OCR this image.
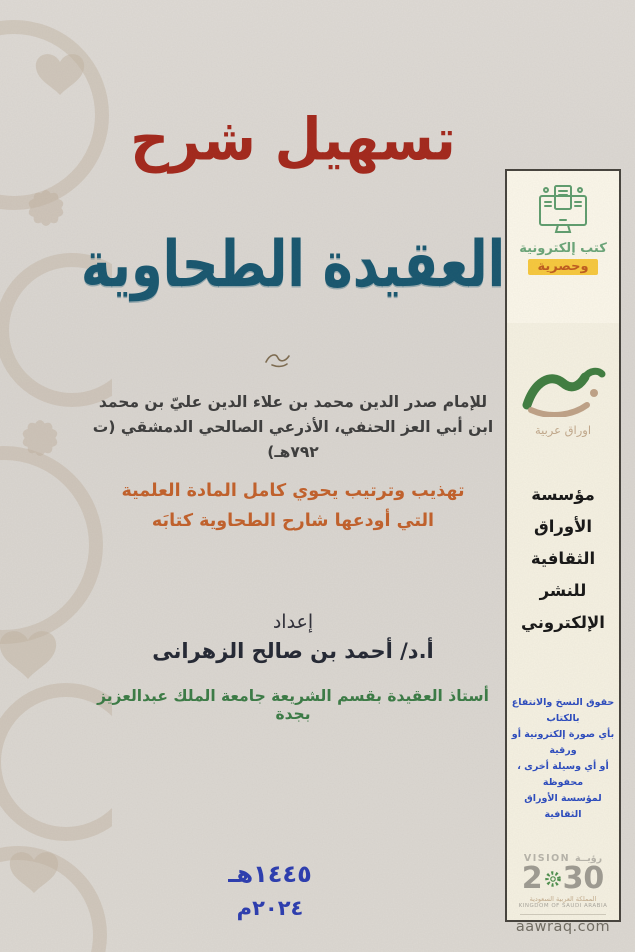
تسهيل شرح
العقيدة الطحاوية
للإمام صدر الدين محمد بن علاء الدين عليّ بن محمد
ابن أبي العز الحنفي، الأذرعي الصالحي الدمشقي (ت ٧٩٢هـ)
تهذيب وترتيب يحوي كامل المادة العلمية
التي أودعها شارح الطحاوية كتابَه
إعداد
أ.د/ أحمد بن صالح الزهرانى
أستاذ العقيدة بقسم الشريعة جامعة الملك عبدالعزيز بجدة
١٤٤٥هـ
٢٠٢٤م
كتب إلكترونية
وحصرية
اوراق عربية
مؤسسة
الأوراق
الثقافية
للنشر
الإلكتروني
حقوق النسخ والانتفاع بالكتاب
بأي صورة إلكترونية أو ورقية
أو أي وسيلة أخرى ، محفوظة
لمؤسسة الأوراق الثقافية
VISION رؤيــة
2 30
المملكة العربية السعودية
KINGDOM OF SAUDI ARABIA
aawraq.com
